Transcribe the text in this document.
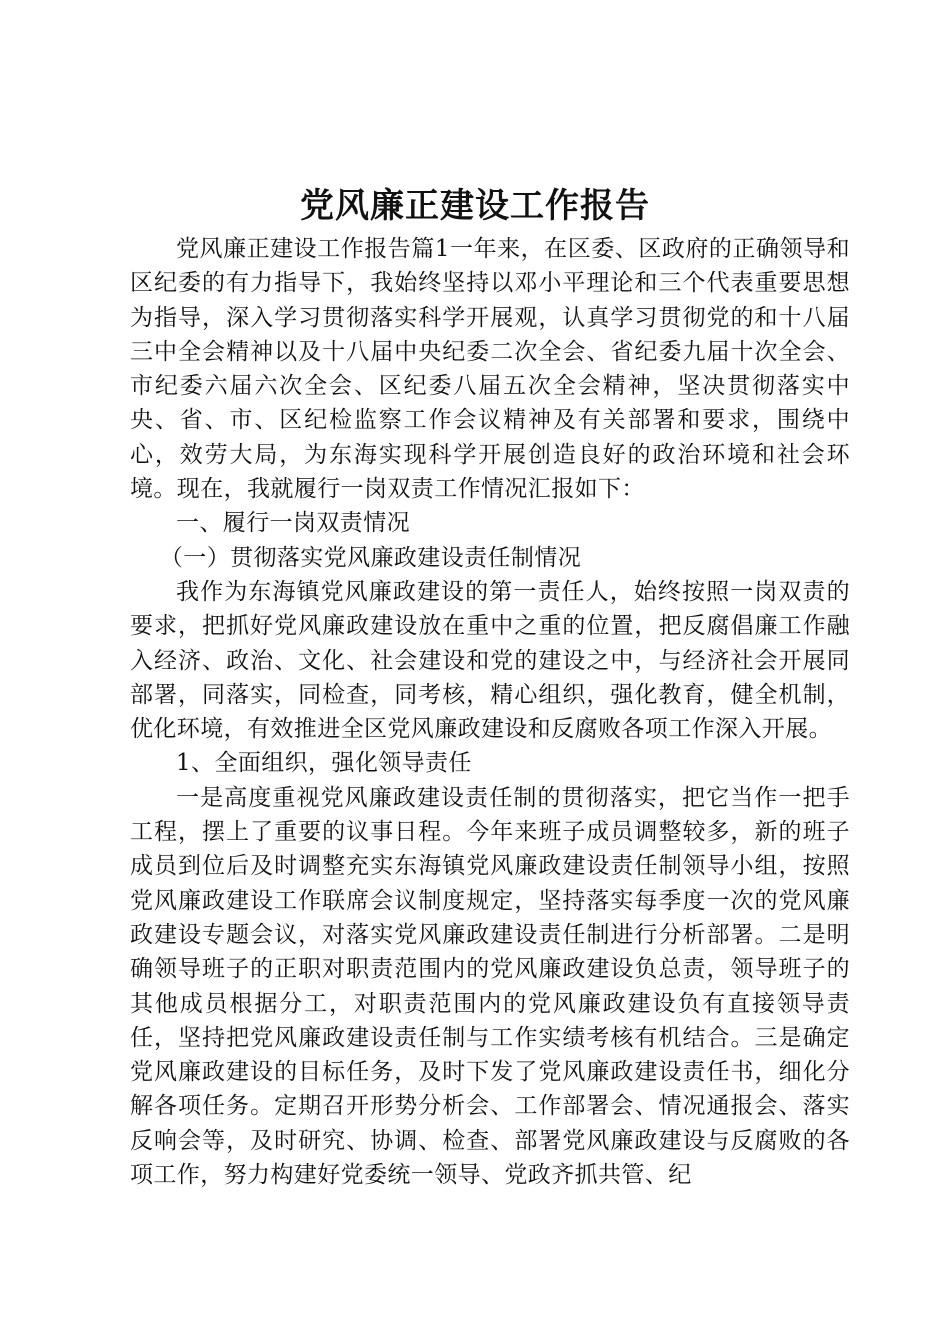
党风廉正建设工作报告

党风廉正建设工作报告篇1一年来，在区委、区政府的正确领导和区纪委的有力指导下，我始终坚持以邓小平理论和三个代表重要思想为指导，深入学习贯彻落实科学开展观，认真学习贯彻党的和十八届三中全会精神以及十八届中央纪委二次全会、省纪委九届十次全会、市纪委六届六次全会、区纪委八届五次全会精神，坚决贯彻落实中央、省、市、区纪检监察工作会议精神及有关部署和要求，围绕中心，效劳大局，为东海实现科学开展创造良好的政治环境和社会环境。现在，我就履行一岗双责工作情况汇报如下：

一、履行一岗双责情况

（一）贯彻落实党风廉政建设责任制情况

我作为东海镇党风廉政建设的第一责任人，始终按照一岗双责的要求，把抓好党风廉政建设放在重中之重的位置，把反腐倡廉工作融入经济、政治、文化、社会建设和党的建设之中，与经济社会开展同部署，同落实，同检查，同考核，精心组织，强化教育，健全机制，优化环境，有效推进全区党风廉政建设和反腐败各项工作深入开展。

1、全面组织，强化领导责任

一是高度重视党风廉政建设责任制的贯彻落实，把它当作一把手工程，摆上了重要的议事日程。今年来班子成员调整较多，新的班子成员到位后及时调整充实东海镇党风廉政建设责任制领导小组，按照党风廉政建设工作联席会议制度规定，坚持落实每季度一次的党风廉政建设专题会议，对落实党风廉政建设责任制进行分析部署。二是明确领导班子的正职对职责范围内的党风廉政建设负总责，领导班子的其他成员根据分工，对职责范围内的党风廉政建设负有直接领导责任，坚持把党风廉政建设责任制与工作实绩考核有机结合。三是确定党风廉政建设的目标任务，及时下发了党风廉政建设责任书，细化分解各项任务。定期召开形势分析会、工作部署会、情况通报会、落实反响会等，及时研究、协调、检查、部署党风廉政建设与反腐败的各项工作，努力构建好党委统一领导、党政齐抓共管、纪
